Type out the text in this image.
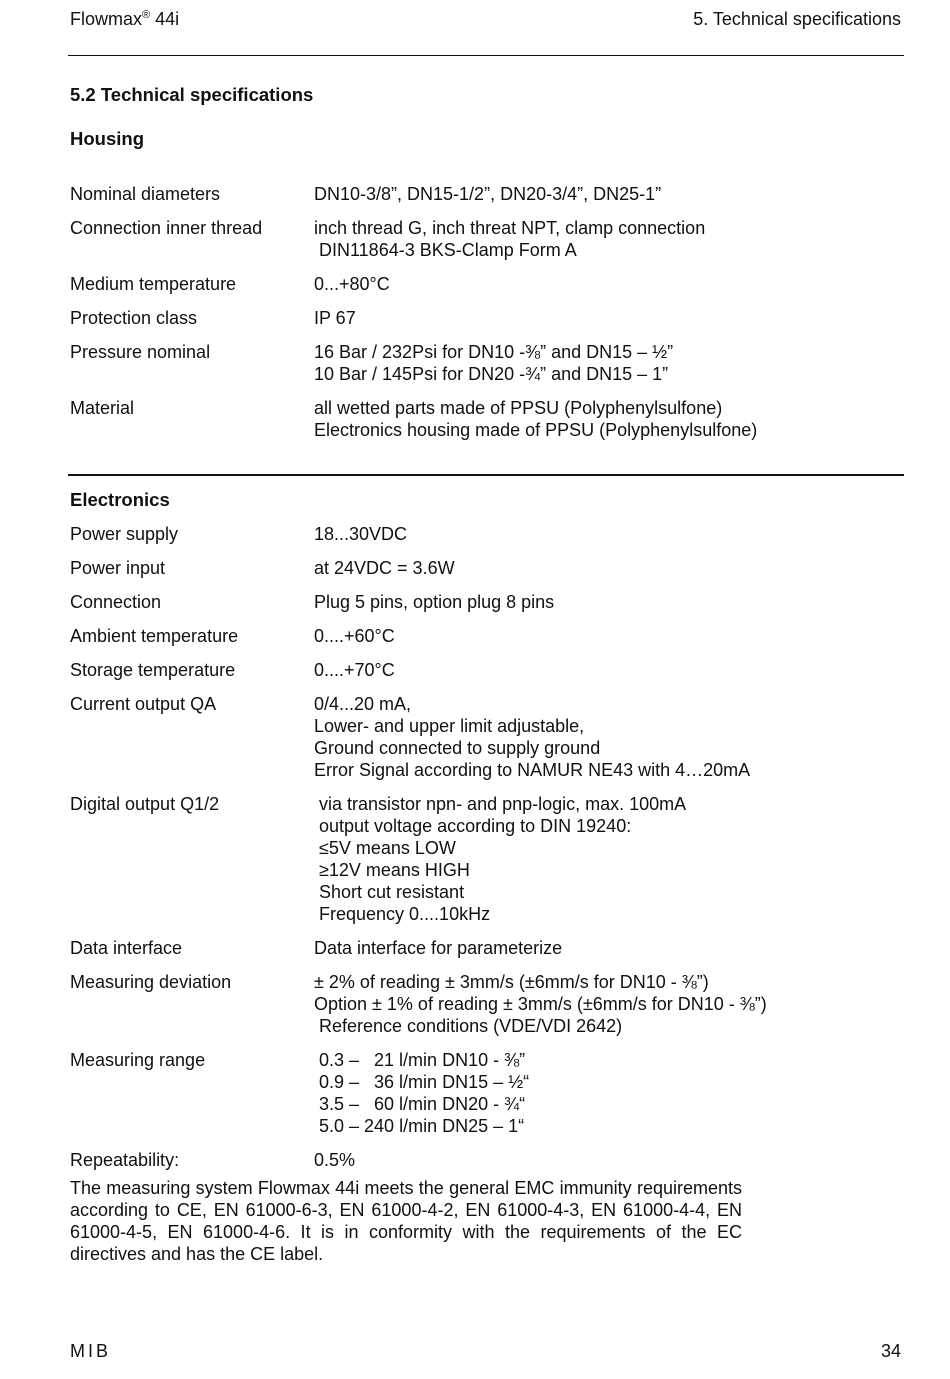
Flowmax® 44i	5. Technical specifications
5.2 Technical specifications
Housing
Nominal diameters	DN10-3/8”, DN15-1/2”, DN20-3/4”, DN25-1”
Connection inner thread	inch thread G, inch threat NPT, clamp connection
DIN11864-3 BKS-Clamp Form A
Medium temperature	0...+80°C
Protection class	IP 67
Pressure nominal	16 Bar / 232Psi for DN10 -⅜” and DN15 – ½”
10 Bar / 145Psi for DN20 -¾” and DN15 – 1”
Material	all wetted parts made of PPSU (Polyphenylsulfone)
Electronics housing made of PPSU (Polyphenylsulfone)
Electronics
Power supply	18...30VDC
Power input	at 24VDC = 3.6W
Connection	Plug 5 pins, option plug 8 pins
Ambient temperature	0....+60°C
Storage temperature	0....+70°C
Current output QA	0/4...20 mA,
Lower- and upper limit adjustable,
Ground connected to supply ground
Error Signal according to NAMUR NE43 with 4…20mA
Digital output Q1/2	via transistor npn- and pnp-logic, max. 100mA
output voltage according to DIN 19240:
≤5V means LOW
≥12V means HIGH
Short cut resistant
Frequency 0....10kHz
Data interface	Data interface for parameterize
Measuring deviation	± 2% of reading ± 3mm/s (±6mm/s for DN10 - ⅜”)
Option ± 1% of reading ± 3mm/s (±6mm/s for DN10 - ⅜”)
Reference conditions (VDE/VDI 2642)
Measuring range	0.3 –   21 l/min DN10 - ⅜”
0.9 –   36 l/min DN15 – ½“
3.5 –   60 l/min DN20 - ¾“
5.0 – 240 l/min DN25 – 1“
Repeatability:	0.5%
The measuring system Flowmax 44i meets the general EMC immunity requirements according to CE, EN 61000-6-3, EN 61000-4-2, EN 61000-4-3, EN 61000-4-4, EN 61000-4-5, EN 61000-4-6. It is in conformity with the requirements of the EC directives and has the CE label.
MIB	34
